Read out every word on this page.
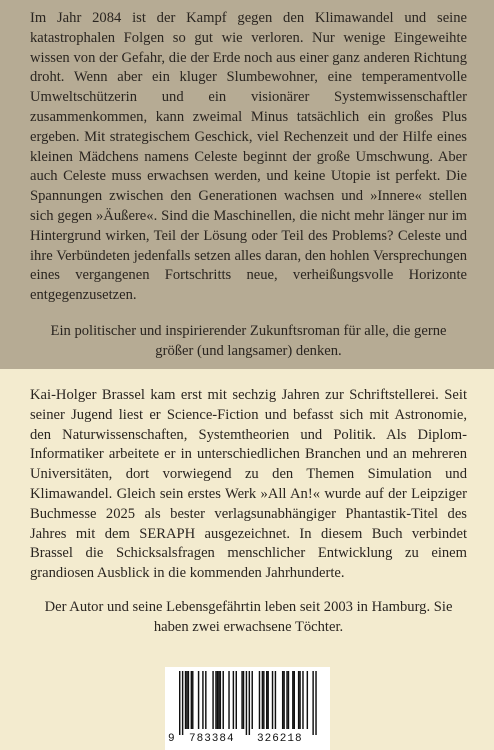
Im Jahr 2084 ist der Kampf gegen den Klimawandel und seine katastrophalen Folgen so gut wie verloren. Nur wenige Eingeweihte wissen von der Gefahr, die der Erde noch aus einer ganz anderen Richtung droht. Wenn aber ein kluger Slumbewohner, eine temperamentvolle Umweltschützerin und ein visionärer Systemwissenschaftler zusammenkommen, kann zweimal Minus tatsächlich ein großes Plus ergeben. Mit strategischem Geschick, viel Rechenzeit und der Hilfe eines kleinen Mädchens namens Celeste beginnt der große Umschwung. Aber auch Celeste muss erwachsen werden, und keine Utopie ist perfekt. Die Spannungen zwischen den Generationen wachsen und »Innere« stellen sich gegen »Äußere«. Sind die Maschinellen, die nicht mehr länger nur im Hintergrund wirken, Teil der Lösung oder Teil des Problems? Celeste und ihre Verbündeten jedenfalls setzen alles daran, den hohlen Versprechungen eines vergangenen Fortschritts neue, verheißungsvolle Horizonte entgegenzusetzen.

Ein politischer und inspirierender Zukunftsroman für alle, die gerne größer (und langsamer) denken.

Kai-Holger Brassel kam erst mit sechzig Jahren zur Schriftstellerei. Seit seiner Jugend liest er Science-Fiction und befasst sich mit Astronomie, den Naturwissenschaften, Systemtheorien und Politik. Als Diplom-Informatiker arbeitete er in unterschiedlichen Branchen und an mehreren Universitäten, dort vorwiegend zu den Themen Simulation und Klimawandel. Gleich sein erstes Werk »All An!« wurde auf der Leipziger Buchmesse 2025 als bester verlagsunabhängiger Phantastik-Titel des Jahres mit dem SERAPH ausgezeichnet. In diesem Buch verbindet Brassel die Schicksalsfragen menschlicher Entwicklung zu einem grandiosen Ausblick in die kommenden Jahrhunderte.

Der Autor und seine Lebensgefährtin leben seit 2003 in Hamburg. Sie haben zwei erwachsene Töchter.

9 783384 326218
